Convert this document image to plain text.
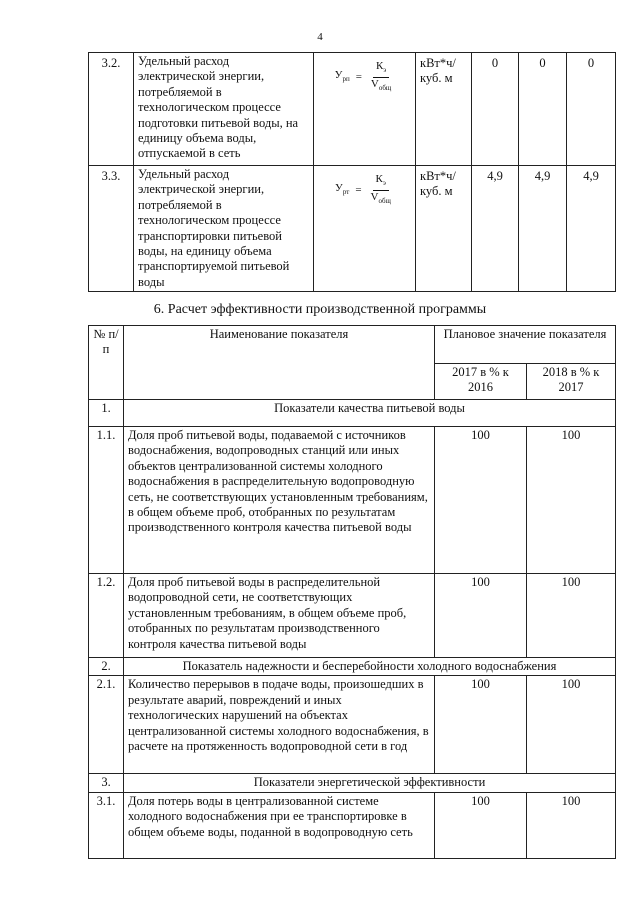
4
3.2.	Удельный расход электрической энергии, потребляемой в технологическом процессе подготовки питьевой воды, на единицу объема воды, отпускаемой в сеть	$У_{рп} = \frac{К_э}{V_{общ}}$	кВт*ч/ куб. м	0	0	0
3.3.	Удельный расход электрической энергии, потребляемой в технологическом процессе транспортировки питьевой воды, на единицу объема транспортируемой питьевой воды	$У_{рт} = \frac{К_э}{V_{общ}}$	кВт*ч/ куб. м	4,9	4,9	4,9
6. Расчет эффективности производственной программы
№ п/п	Наименование показателя	Плановое значение показателя	
		2017 в % к 2016	2018 в % к 2017
1.	Показатели качества питьевой воды		
1.1.	Доля проб питьевой воды, подаваемой с источников водоснабжения, водопроводных станций или иных объектов централизованной системы холодного водоснабжения в распределительную водопроводную сеть, не соответствующих установленным требованиям, в общем объеме проб, отобранных по результатам производственного контроля качества питьевой воды	100	100
1.2.	Доля проб питьевой воды в распределительной водопроводной сети, не соответствующих установленным требованиям, в общем объеме проб, отобранных по результатам производственного контроля качества питьевой воды	100	100
2.	Показатель надежности и бесперебойности холодного водоснабжения		
2.1.	Количество перерывов в подаче воды, произошедших в результате аварий, повреждений и иных технологических нарушений на объектах централизованной системы холодного водоснабжения, в расчете на протяженность водопроводной сети в год	100	100
3.	Показатели энергетической эффективности		
3.1.	Доля потерь воды в централизованной системе холодного водоснабжения при ее транспортировке в общем объеме воды, поданной в водопроводную сеть	100	100
